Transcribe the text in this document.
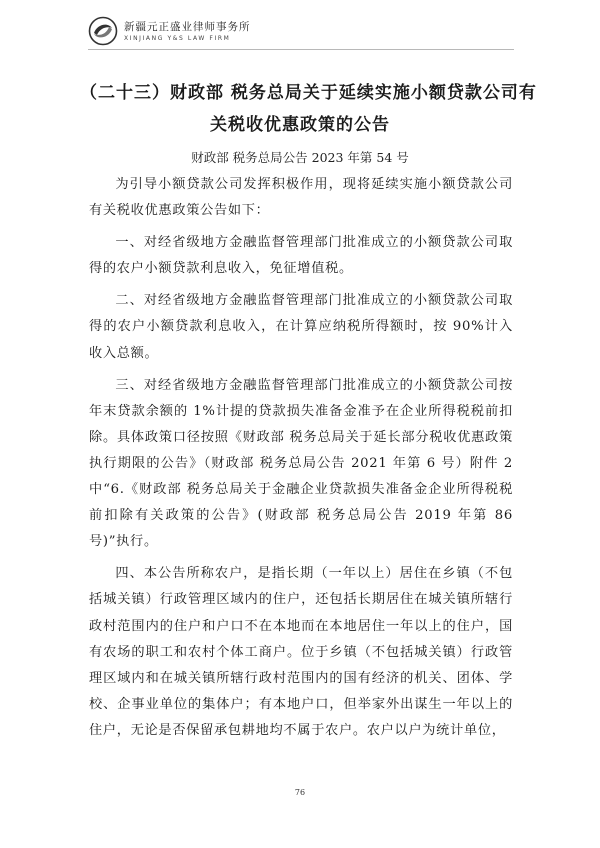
新疆元正盛业律师事务所
XINJIANG Y&S LAW FIRM
（二十三）财政部 税务总局关于延续实施小额贷款公司有
关税收优惠政策的公告
财政部 税务总局公告 2023 年第 54 号

为引导小额贷款公司发挥积极作用，现将延续实施小额贷款公司有关税收优惠政策公告如下：

一、对经省级地方金融监督管理部门批准成立的小额贷款公司取得的农户小额贷款利息收入，免征增值税。

二、对经省级地方金融监督管理部门批准成立的小额贷款公司取得的农户小额贷款利息收入，在计算应纳税所得额时，按 90%计入收入总额。

三、对经省级地方金融监督管理部门批准成立的小额贷款公司按年末贷款余额的 1%计提的贷款损失准备金准予在企业所得税税前扣除。具体政策口径按照《财政部 税务总局关于延长部分税收优惠政策执行期限的公告》（财政部 税务总局公告 2021 年第 6 号）附件 2 中“6.《财政部 税务总局关于金融企业贷款损失准备金企业所得税税前扣除有关政策的公告》(财政部 税务总局公告 2019 年第 86 号)”执行。

四、本公告所称农户，是指长期（一年以上）居住在乡镇（不包括城关镇）行政管理区域内的住户，还包括长期居住在城关镇所辖行政村范围内的住户和户口不在本地而在本地居住一年以上的住户，国有农场的职工和农村个体工商户。位于乡镇（不包括城关镇）行政管理区域内和在城关镇所辖行政村范围内的国有经济的机关、团体、学校、企事业单位的集体户；有本地户口，但举家外出谋生一年以上的住户，无论是否保留承包耕地均不属于农户。农户以户为统计单位，

76
